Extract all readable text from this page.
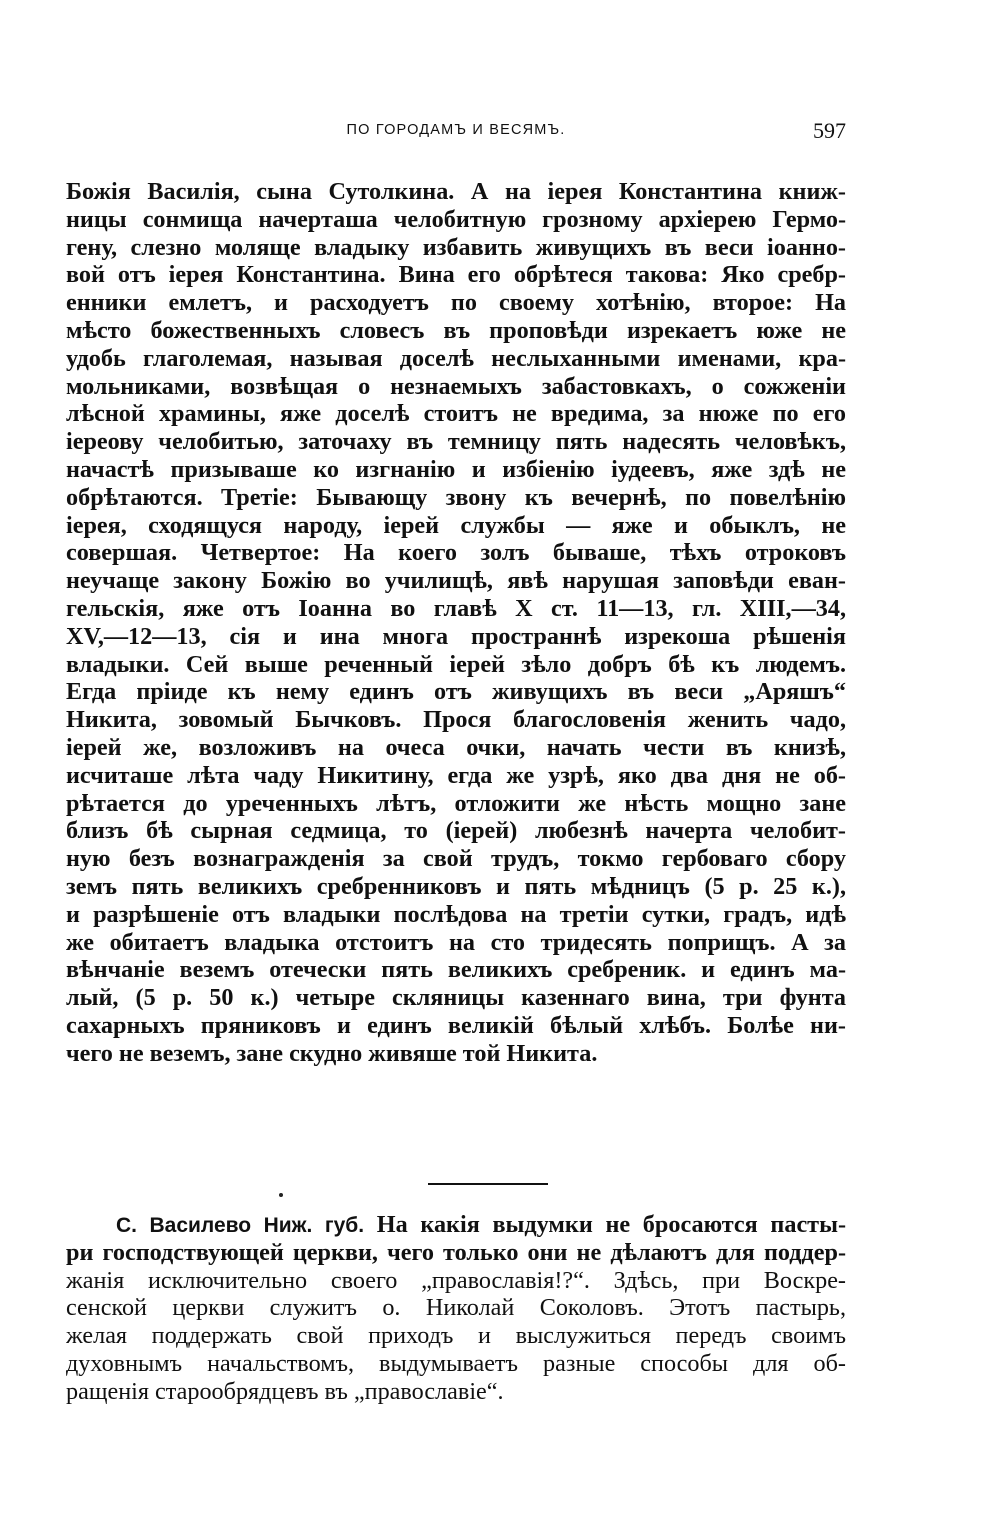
ПО ГОРОДАМЪ И ВЕСЯМЪ.	597
Божія Василія, сына Сутолкина. А на іерея Константина книж-
ницы сонмища начерташа челобитную грозному архіерею Гермо-
гену, слезно моляще владыку избавить живущихъ въ веси іоанно-
вой отъ іерея Константина. Вина его обрѣтеся такова: Яко сребр-
енники емлетъ, и расходуетъ по своему хотѣнію, второе: На
мѣсто божественныхъ словесъ въ проповѣди изрекаетъ юже не
удобь глаголемая, называя доселѣ неслыханными именами, кра-
мольниками, возвѣщая о незнаемыхъ забастовкахъ, о сожженіи
лѣсной храмины, яже доселѣ стоитъ не вредима, за нюже по его
іереову челобитью, заточаху въ темницу пять надесять человѣкъ,
начастѣ призываше ко изгнанію и избіенію іудеевъ, яже здѣ не
обрѣтаются. Третіе: Бывающу звону къ вечернѣ, по повелѣнію
іерея, сходящуся народу, іерей службы — яже и обыклъ, не
совершая. Четвертое: На коего золъ бываше, тѣхъ отроковъ
неучаще закону Божію во училищѣ, явѣ нарушая заповѣди еван-
гельскія, яже отъ Іоанна во главѣ X ст. 11—13, гл. XIII,—34,
XV,—12—13, сія и ина многа пространнѣ изрекоша рѣшенія
владыки. Сей выше реченный іерей зѣло добръ бѣ къ людемъ.
Егда пріиде къ нему единъ отъ живущихъ въ веси „Аряшъ“
Никита, зовомый Бычковъ. Прося благословенія женить чадо,
іерей же, возложивъ на очеса очки, начать чести въ книзѣ,
исчиташе лѣта чаду Никитину, егда же узрѣ, яко два дня не об-
рѣтается до уреченныхъ лѣтъ, отложити же нѣсть мощно зане
близъ бѣ сырная седмица, то (іерей) любезнѣ начерта челобит-
ную безъ вознагражденія за свой трудъ, токмо гербоваго сбору
земъ пять великихъ сребренниковъ и пять мѣдницъ (5 р. 25 к.),
и разрѣшеніе отъ владыки послѣдова на третіи сутки, градъ, идѣ
же обитаетъ владыка отстоитъ на сто тридесять поприщъ. А за
вѣнчаніе веземъ отечески пять великихъ сребреник. и единъ ма-
лый, (5 р. 50 к.) четыре скляницы казеннаго вина, три фунта
сахарныхъ пряниковъ и единъ великій бѣлый хлѣбъ. Болѣе ни-
чего не веземъ, зане скудно живяше той Никита.
С. Василево Ниж. губ. На какія выдумки не бросаются пасты-
ри господствующей церкви, чего только они не дѣлаютъ для поддер-
жанія исключительно своего „православія!?“. Здѣсь, при Воскре-
сенской церкви служитъ о. Николай Соколовъ. Этотъ пастырь,
желая поддержать свой приходъ и выслужиться передъ своимъ
духовнымъ начальствомъ, выдумываетъ разные способы для об-
ращенія старообрядцевъ въ „православіе“.
